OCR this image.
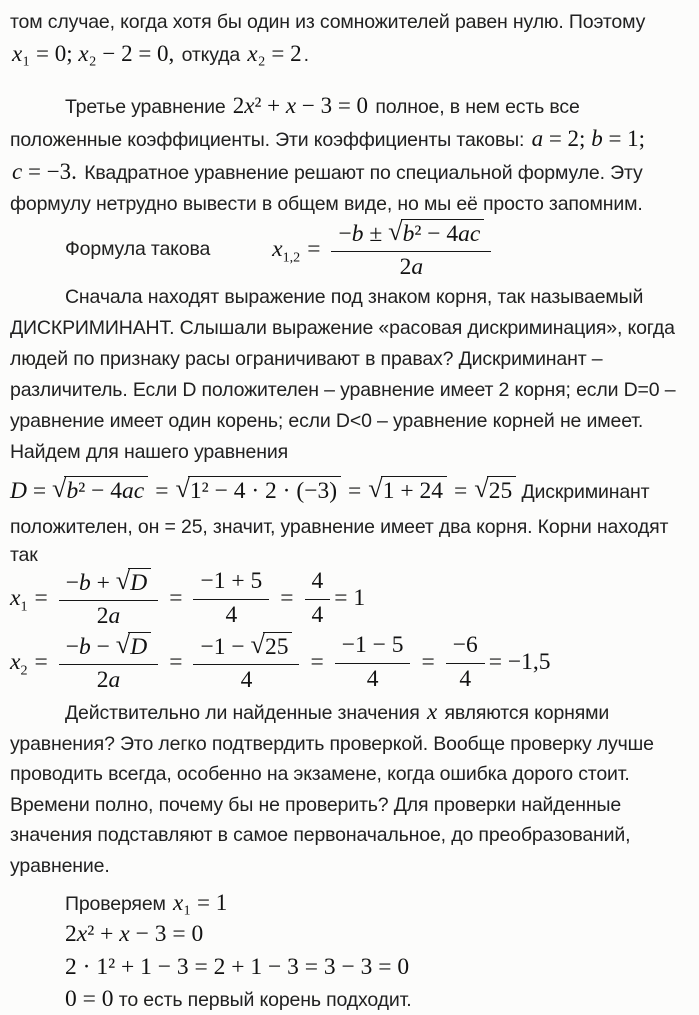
том случае, когда хотя бы один из сомножителей равен нулю. Поэтому
x₁ = 0; x₂ − 2 = 0, откуда x₂ = 2 .
Третье уравнение 2x² + x − 3 = 0 полное, в нем есть все
положенные коэффициенты. Эти коэффициенты таковы: a = 2; b = 1;
c = −3. Квадратное уравнение решают по специальной формуле. Эту
формулу нетрудно вывести в общем виде, но мы её просто запомним.
Формула такова	$x_{1,2} = \frac{\text{−b ± √b² − 4ac}}{2a}$
Сначала находят выражение под знаком корня, так называемый
ДИСКРИМИНАНТ. Слышали выражение «расовая дискриминация», когда
людей по признаку расы ограничивают в правах? Дискриминант –
различитель. Если D положителен – уравнение имеет 2 корня; если D=0 –
уравнение имеет один корень; если D<0 – уравнение корней не имеет.
Найдем для нашего уравнения
D = √b² − 4ac = √1² − 4 · 2 · (−3) = √1 + 24 = √25 Дискриминант
положителен, он = 25, значит, уравнение имеет два корня. Корни находят
так
$x_1 = \frac{-b + √D}{2a} = \frac{-1 + 5}{4} = \frac{4}{4} = 1$
$x_2 = \frac{-b - √D}{2a} = \frac{-1 - √25}{4} = \frac{-1 - 5}{4} = \frac{-6}{4} = -1,5$
Действительно ли найденные значения x являются корнями
уравнения? Это легко подтвердить проверкой. Вообще проверку лучше
проводить всегда, особенно на экзамене, когда ошибка дорого стоит.
Времени полно, почему бы не проверить? Для проверки найденные
значения подставляют в самое первоначальное, до преобразований,
уравнение.
Проверяем x₁ = 1
2x² + x − 3 = 0
2 · 1² + 1 − 3 = 2 + 1 − 3 = 3 − 3 = 0
0 = 0 то есть первый корень подходит.
